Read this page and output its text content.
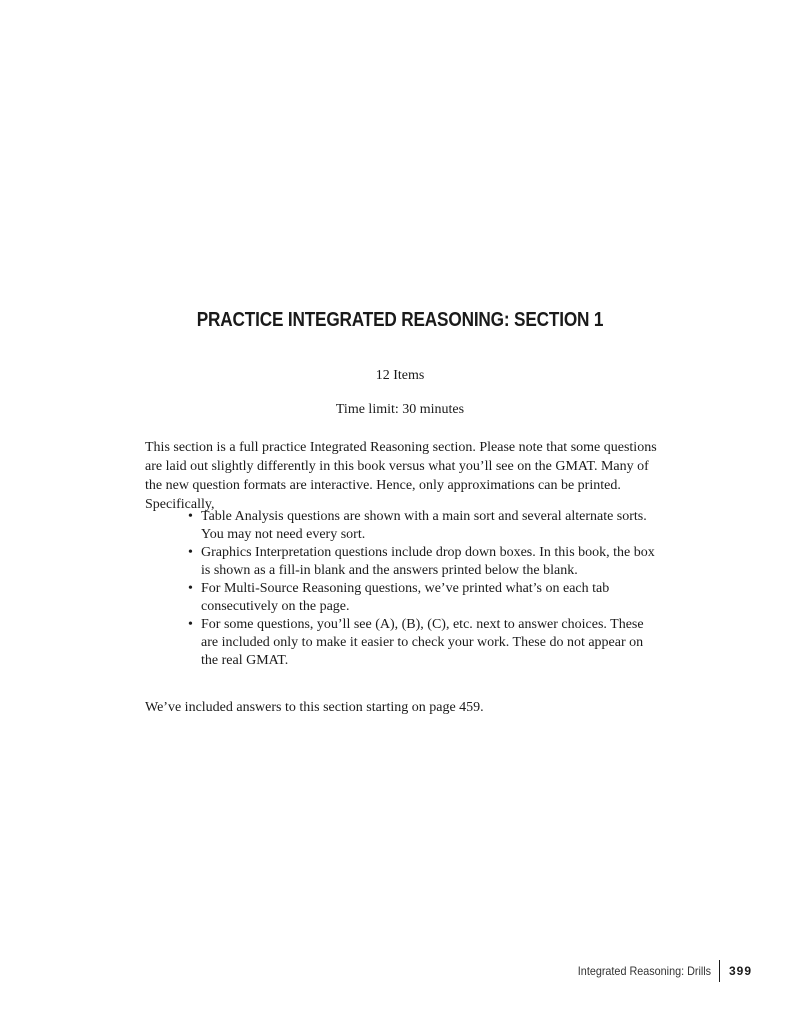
PRACTICE INTEGRATED REASONING: SECTION 1
12 Items
Time limit: 30 minutes

This section is a full practice Integrated Reasoning section. Please note that some questions are laid out slightly differently in this book versus what you’ll see on the GMAT. Many of the new question formats are interactive. Hence, only approximations can be printed. Specifically,

• Table Analysis questions are shown with a main sort and several alternate sorts. You may not need every sort.
• Graphics Interpretation questions include drop down boxes. In this book, the box is shown as a fill-in blank and the answers printed below the blank.
• For Multi-Source Reasoning questions, we’ve printed what’s on each tab consecutively on the page.
• For some questions, you’ll see (A), (B), (C), etc. next to answer choices. These are included only to make it easier to check your work. These do not appear on the real GMAT.
We’ve included answers to this section starting on page 459.
Integrated Reasoning: Drills 399
